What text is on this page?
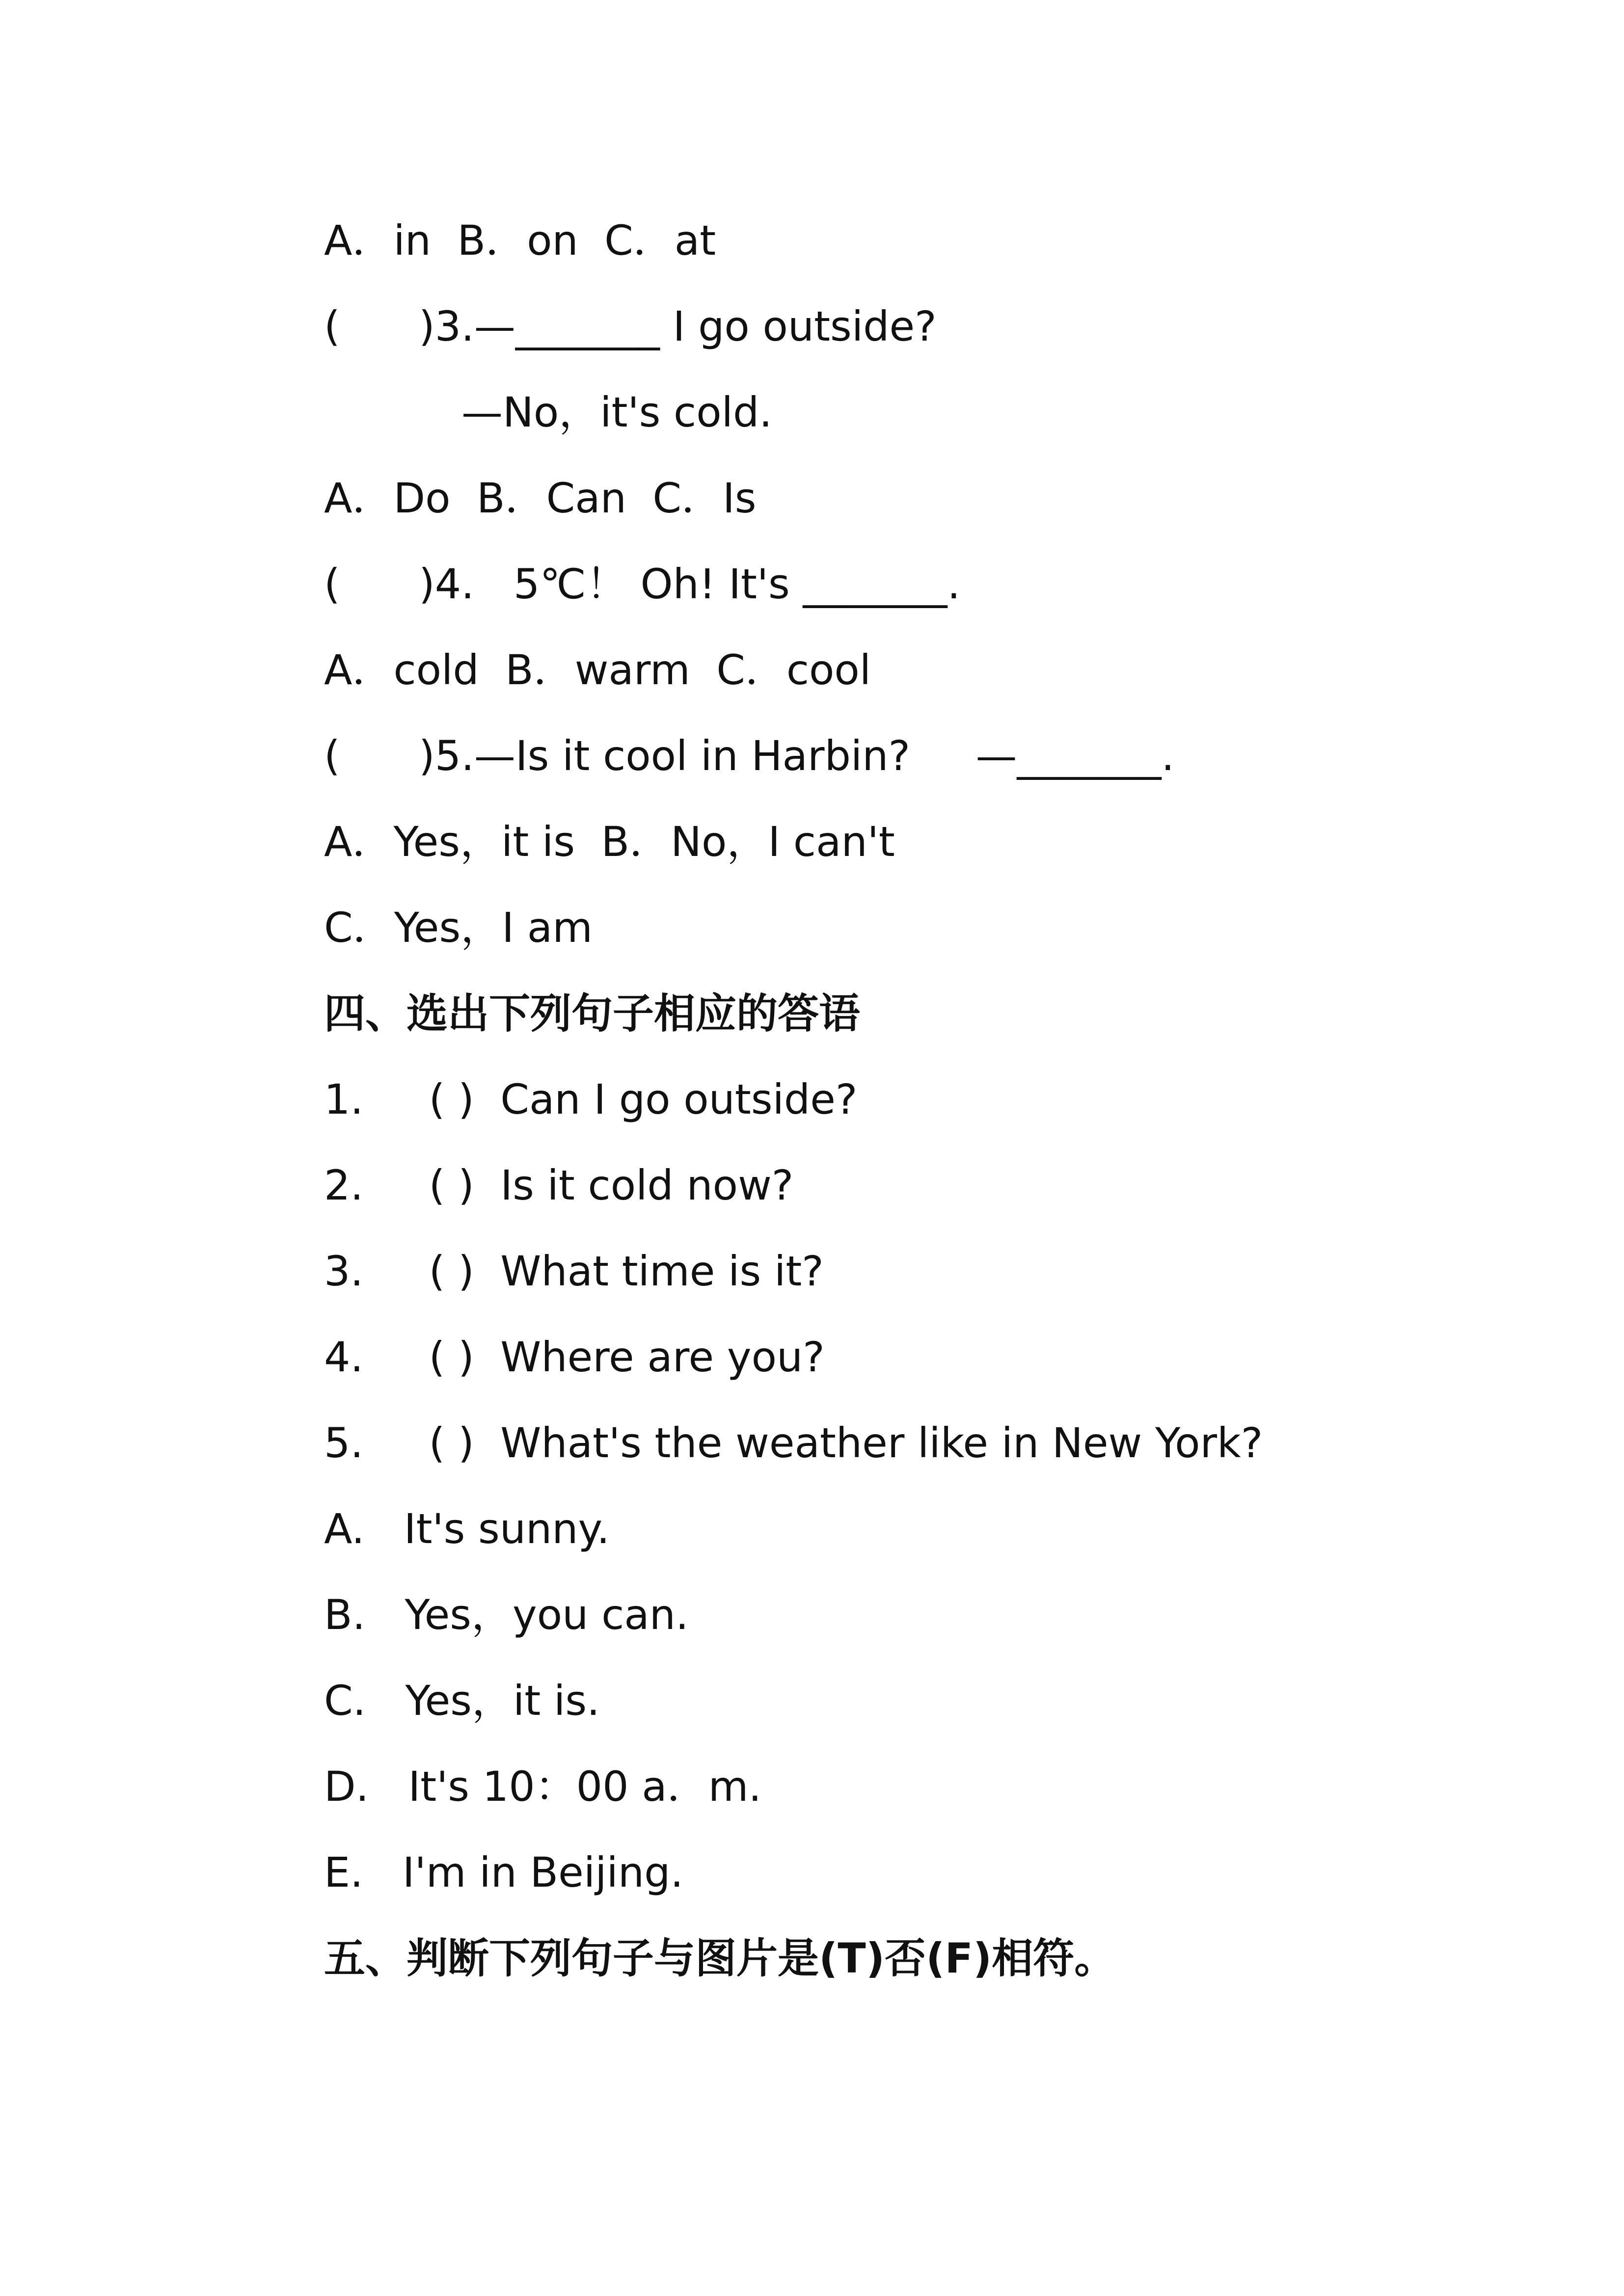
A．in  B．on  C．at
(      )3.—_______ I go outside?
—No，it's cold.
A．Do  B．Can  C．Is
(      )4.   5℃！ Oh! It's _______.
A．cold  B．warm  C．cool
(      )5.—Is it cool in Harbin?     —_______.
A．Yes，it is  B．No，I can't
C．Yes，I am
四、选出下列句子相应的答语
1.     ( )  Can I go outside?
2.     ( )  Is it cold now?
3.     ( )  What time is it?
4.     ( )  Where are you?
5.     ( )  What's the weather like in New York?
A.   It's sunny.
B.   Yes，you can.
C.   Yes，it is.
D.   It's 10：00 a．m.
E.   I'm in Beijing.
五、判断下列句子与图片是(T)否(F)相符。
